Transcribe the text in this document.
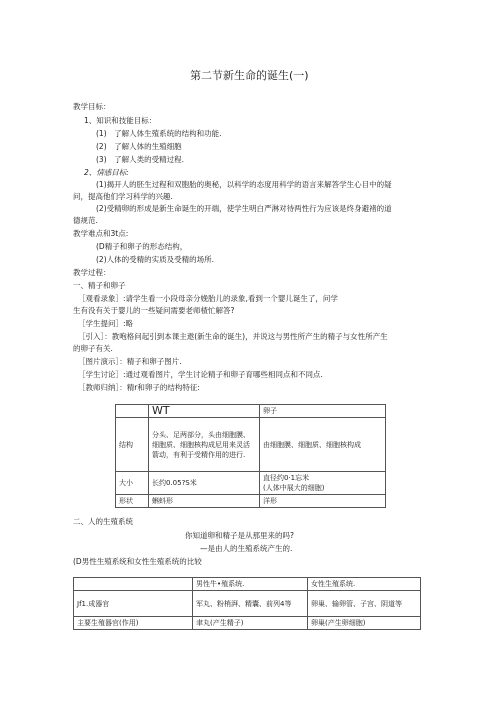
第二节新生命的诞生(一)
教学目标：
1、知识和技能目标：
(1)　了解人体生殖系统的结构和功能.
(2)　了解人体的生殖细胞
(3)　了解人类的受精过程.
2、情感目标:
(1)揭开人的胚生过程和双胞胎的奥秘，以科学的态度用科学的语言来解答学生心目中的疑
问，提高他们学习科学的兴趣.
(2)受精卵的形成是新生命诞生的开端，使学生明白严淋对待两性行为应该是终身避褚的道
德规范.
教学难点和3t点:
(D精子和卵子的形态结构，
(2)人体的受精的实质及受精的场所.
教学过程：
一、精子和卵子
［观看录象］:请学生看一小段母亲分娩胎儿的录象,看到一个婴儿诞生了，问学
生有没有关于婴儿的一些疑问需要老师楂忙解答?
［学生提问］:略
［引入］：教咆格问起引到本课主遨(新生命的诞生)，并说这与男性所产生的精子与女性所产生
的卵子有关.
［图片演示］：精子和卵子图片.
［学生讨论］:通过观看图片，学生讨论精子和卵子育哪些相同点和不同点.
［教师归纳］：精r和卵子的结构特征:
	WT	卵子
结构	分头、足两部分，头由细胞膜、细胞质、细胞核构成尼用来灵活箭动，有利于受精作用的进行.	由细胞膜、细胞质、细胞核构成
大小	长约0.05?S米	直径约0·1忘米
(人体中展大的细胞)

形状	蝌蚪形	洋形
二、人的生殖系统
你知道卵和精子是从那里来的吗?
—是由人的生殖系统产生的.
(D男性生殖系统和女性生殖系统的比较
	男性牛•殖系统.	女性生殖系统.
Jf1.成器官	军丸、粉梢湃、精囊、前列4等	卵巢、输卵管、子宫、阴道等
主要生殖器官(作用)	聿丸(产生精子)	卵巢(产生卵细胞)
